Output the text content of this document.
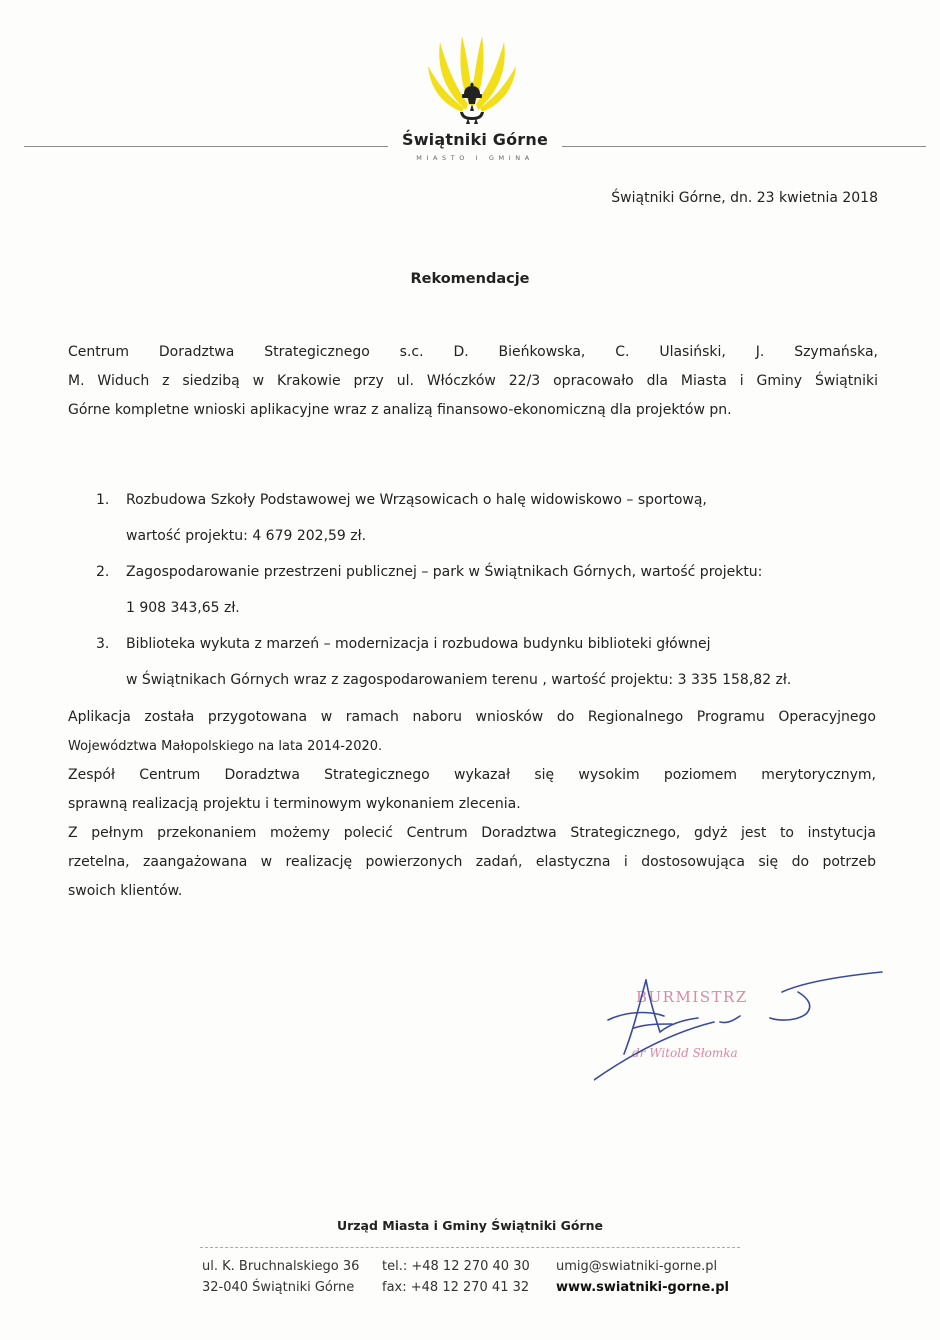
Świątniki Górne
MIASTO I GMINA
Świątniki Górne, dn. 23 kwietnia 2018
Rekomendacje
Centrum Doradztwa Strategicznego s.c. D. Bieńkowska, C. Ulasiński, J. Szymańska,
M. Widuch z siedzibą w Krakowie przy ul. Włóczków 22/3 opracowało dla Miasta i Gminy Świątniki
Górne kompletne wnioski aplikacyjne wraz z analizą finansowo-ekonomiczną dla projektów pn.
1. Rozbudowa Szkoły Podstawowej we Wrząsowicach o halę widowiskowo – sportową,
wartość projektu: 4 679 202,59 zł.
2. Zagospodarowanie przestrzeni publicznej – park w Świątnikach Górnych, wartość projektu:
1 908 343,65 zł.
3. Biblioteka wykuta z marzeń – modernizacja i rozbudowa budynku biblioteki głównej
w Świątnikach Górnych wraz z zagospodarowaniem terenu , wartość projektu: 3 335 158,82 zł.
Aplikacja została przygotowana w ramach naboru wniosków do Regionalnego Programu Operacyjnego
Województwa Małopolskiego na lata 2014-2020.
Zespół Centrum Doradztwa Strategicznego wykazał się wysokim poziomem merytorycznym,
sprawną realizacją projektu i terminowym wykonaniem zlecenia.
Z pełnym przekonaniem możemy polecić Centrum Doradztwa Strategicznego, gdyż jest to instytucja
rzetelna, zaangażowana w realizację powierzonych zadań, elastyczna i dostosowująca się do potrzeb
swoich klientów.
BURMISTRZ
dr Witold Słomka
Urząd Miasta i Gminy Świątniki Górne
ul. K. Bruchnalskiego 36
32-040 Świątniki Górne
tel.: +48 12 270 40 30
fax: +48 12 270 41 32
umig@swiatniki-gorne.pl
www.swiatniki-gorne.pl
